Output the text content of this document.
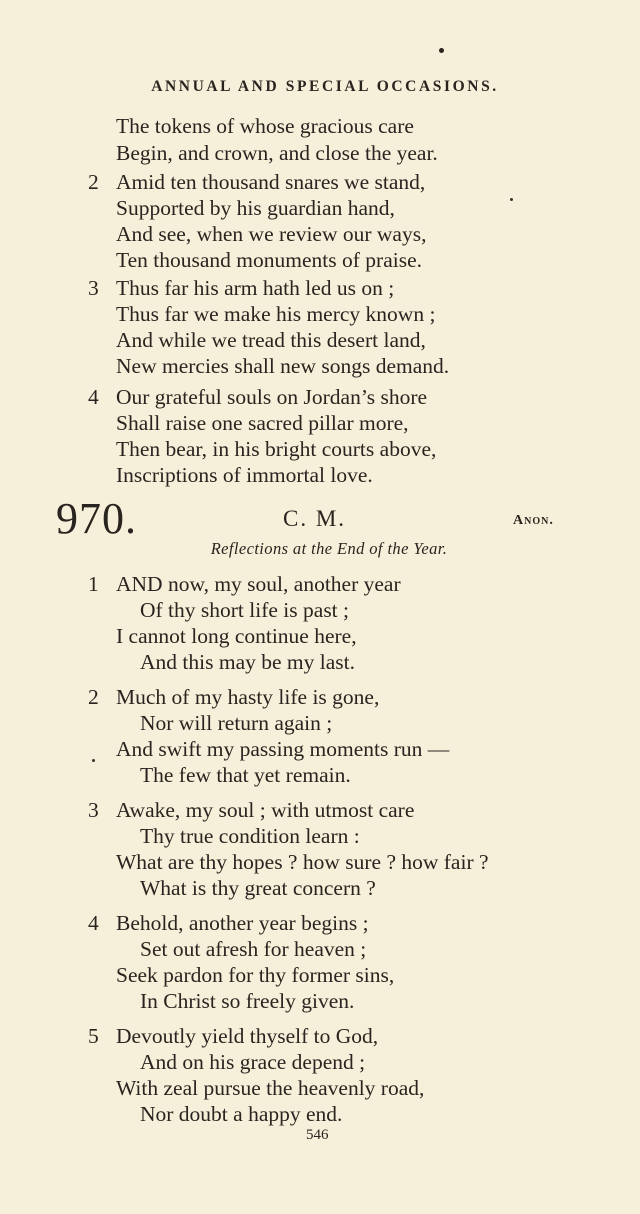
ANNUAL AND SPECIAL OCCASIONS.
The tokens of whose gracious care
Begin, and crown, and close the year.
2 Amid ten thousand snares we stand,
Supported by his guardian hand,
And see, when we review our ways,
Ten thousand monuments of praise.
3 Thus far his arm hath led us on ;
Thus far we make his mercy known ;
And while we tread this desert land,
New mercies shall new songs demand.
4 Our grateful souls on Jordan’s shore
Shall raise one sacred pillar more,
Then bear, in his bright courts above,
Inscriptions of immortal love.
970.	C. M.	Anon.
Reflections at the End of the Year.
1 AND now, my soul, another year
Of thy short life is past ;
I cannot long continue here,
And this may be my last.
2 Much of my hasty life is gone,
Nor will return again ;
And swift my passing moments run —
The few that yet remain.
3 Awake, my soul ; with utmost care
Thy true condition learn :
What are thy hopes ? how sure ? how fair ?
What is thy great concern ?
4 Behold, another year begins ;
Set out afresh for heaven ;
Seek pardon for thy former sins,
In Christ so freely given.
5 Devoutly yield thyself to God,
And on his grace depend ;
With zeal pursue the heavenly road,
Nor doubt a happy end.
546
